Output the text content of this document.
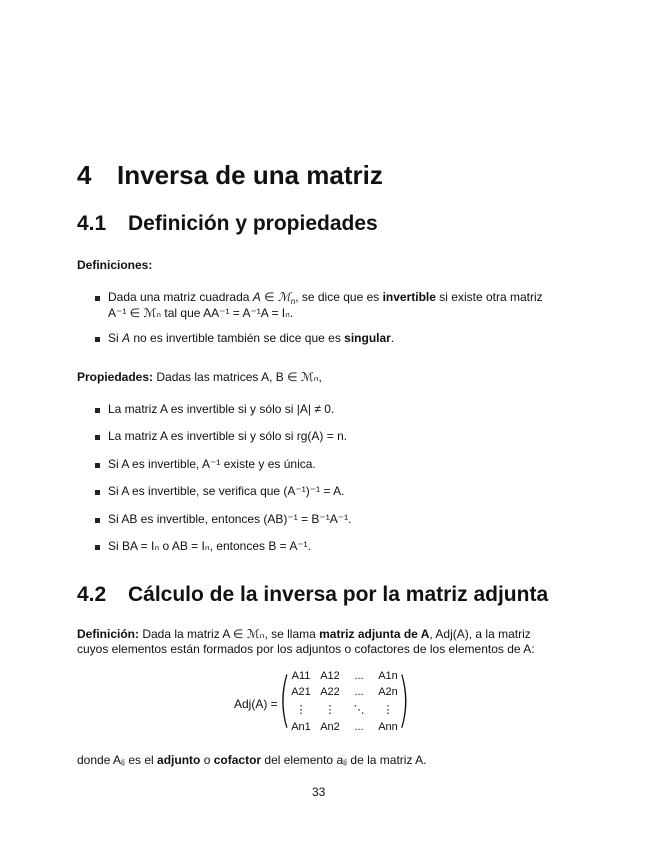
4 Inversa de una matriz
4.1 Definición y propiedades
Definiciones:
Dada una matriz cuadrada A ∈ ℳ$_n$, se dice que es invertible si existe otra matriz
A⁻¹ ∈ ℳₙ tal que AA⁻¹ = A⁻¹A = Iₙ.
Si A no es invertible también se dice que es singular.
Propiedades: Dadas las matrices A, B ∈ ℳₙ,
La matriz A es invertible si y sólo si |A| ≠ 0.
La matriz A es invertible si y sólo si rg(A) = n.
Si A es invertible, A⁻¹ existe y es única.
Si A es invertible, se verifica que (A⁻¹)⁻¹ = A.
Si AB es invertible, entonces (AB)⁻¹ = B⁻¹A⁻¹.
Si BA = Iₙ o AB = Iₙ, entonces B = A⁻¹.
4.2 Cálculo de la inversa por la matriz adjunta
Definición: Dada la matriz A ∈ ℳₙ, se llama matriz adjunta de A, Adj(A), a la matriz
cuyos elementos están formados por los adjuntos o cofactores de los elementos de A:
Adj(A) = ( )
A11 A12	...	A1n
A21 A22	...	A2n
⋮	⋮	⋱	⋮
An1 An2	...	Ann
donde Aᵢⱼ es el adjunto o cofactor del elemento aᵢⱼ de la matriz A.
33
